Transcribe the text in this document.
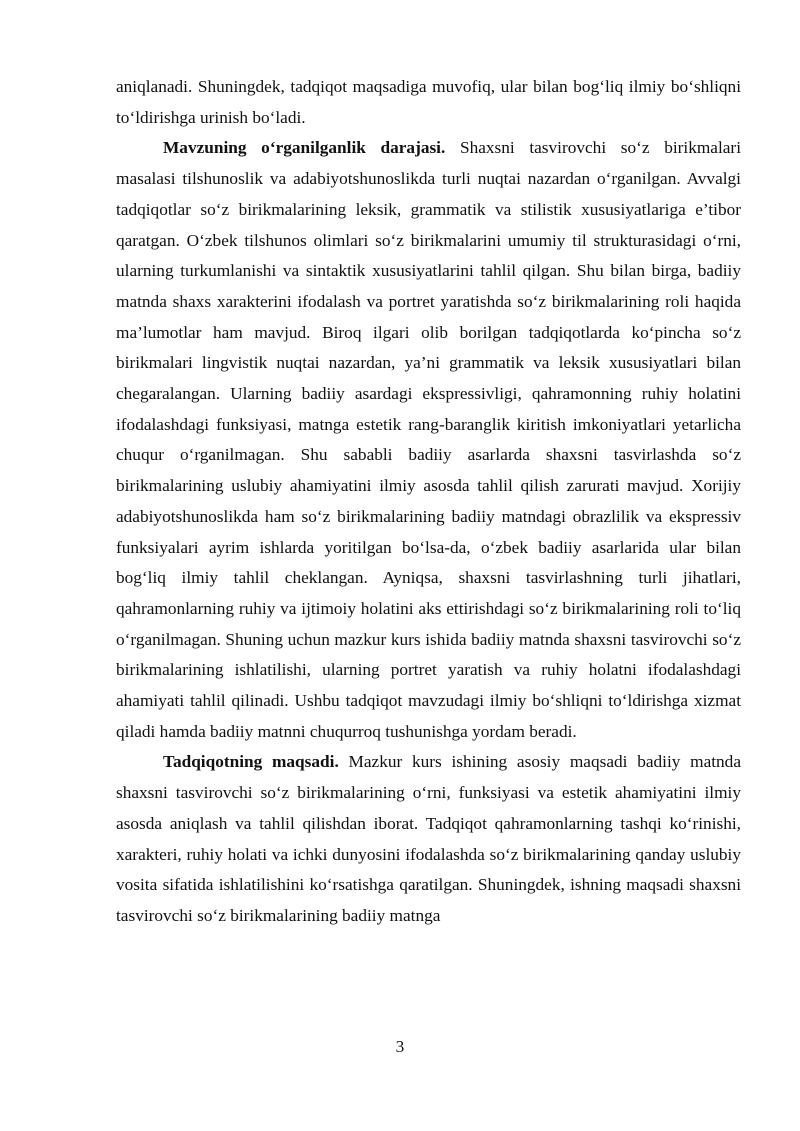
aniqlanadi. Shuningdek, tadqiqot maqsadiga muvofiq, ular bilan bog‘liq ilmiy bo‘shliqni to‘ldirishga urinish bo‘ladi.

Mavzuning o‘rganilganlik darajasi. Shaxsni tasvirovchi so‘z birikmalari masalasi tilshunoslik va adabiyotshunoslikda turli nuqtai nazardan o‘rganilgan. Avvalgi tadqiqotlar so‘z birikmalarining leksik, grammatik va stilistik xususiyatlariga e’tibor qaratgan. O‘zbek tilshunos olimlari so‘z birikmalarini umumiy til strukturasidagi o‘rni, ularning turkumlanishi va sintaktik xususiyatlarini tahlil qilgan. Shu bilan birga, badiiy matnda shaxs xarakterini ifodalash va portret yaratishda so‘z birikmalarining roli haqida ma’lumotlar ham mavjud. Biroq ilgari olib borilgan tadqiqotlarda ko‘pincha so‘z birikmalari lingvistik nuqtai nazardan, ya’ni grammatik va leksik xususiyatlari bilan chegaralangan. Ularning badiiy asardagi ekspressivligi, qahramonning ruhiy holatini ifodalashdagi funksiyasi, matnga estetik rang-baranglik kiritish imkoniyatlari yetarlicha chuqur o‘rganilmagan. Shu sababli badiiy asarlarda shaxsni tasvirlashda so‘z birikmalarining uslubiy ahamiyatini ilmiy asosda tahlil qilish zarurati mavjud. Xorijiy adabiyotshunoslikda ham so‘z birikmalarining badiiy matndagi obrazlilik va ekspressiv funksiyalari ayrim ishlarda yoritilgan bo‘lsa-da, o‘zbek badiiy asarlarida ular bilan bog‘liq ilmiy tahlil cheklangan. Ayniqsa, shaxsni tasvirlashning turli jihatlari, qahramonlarning ruhiy va ijtimoiy holatini aks ettirishdagi so‘z birikmalarining roli to‘liq o‘rganilmagan. Shuning uchun mazkur kurs ishida badiiy matnda shaxsni tasvirovchi so‘z birikmalarining ishlatilishi, ularning portret yaratish va ruhiy holatni ifodalashdagi ahamiyati tahlil qilinadi. Ushbu tadqiqot mavzudagi ilmiy bo‘shliqni to‘ldirishga xizmat qiladi hamda badiiy matnni chuqurroq tushunishga yordam beradi.

Tadqiqotning maqsadi. Mazkur kurs ishining asosiy maqsadi badiiy matnda shaxsni tasvirovchi so‘z birikmalarining o‘rni, funksiyasi va estetik ahamiyatini ilmiy asosda aniqlash va tahlil qilishdan iborat. Tadqiqot qahramonlarning tashqi ko‘rinishi, xarakteri, ruhiy holati va ichki dunyosini ifodalashda so‘z birikmalarining qanday uslubiy vosita sifatida ishlatilishini ko‘rsatishga qaratilgan. Shuningdek, ishning maqsadi shaxsni tasvirovchi so‘z birikmalarining badiiy matnga

3
